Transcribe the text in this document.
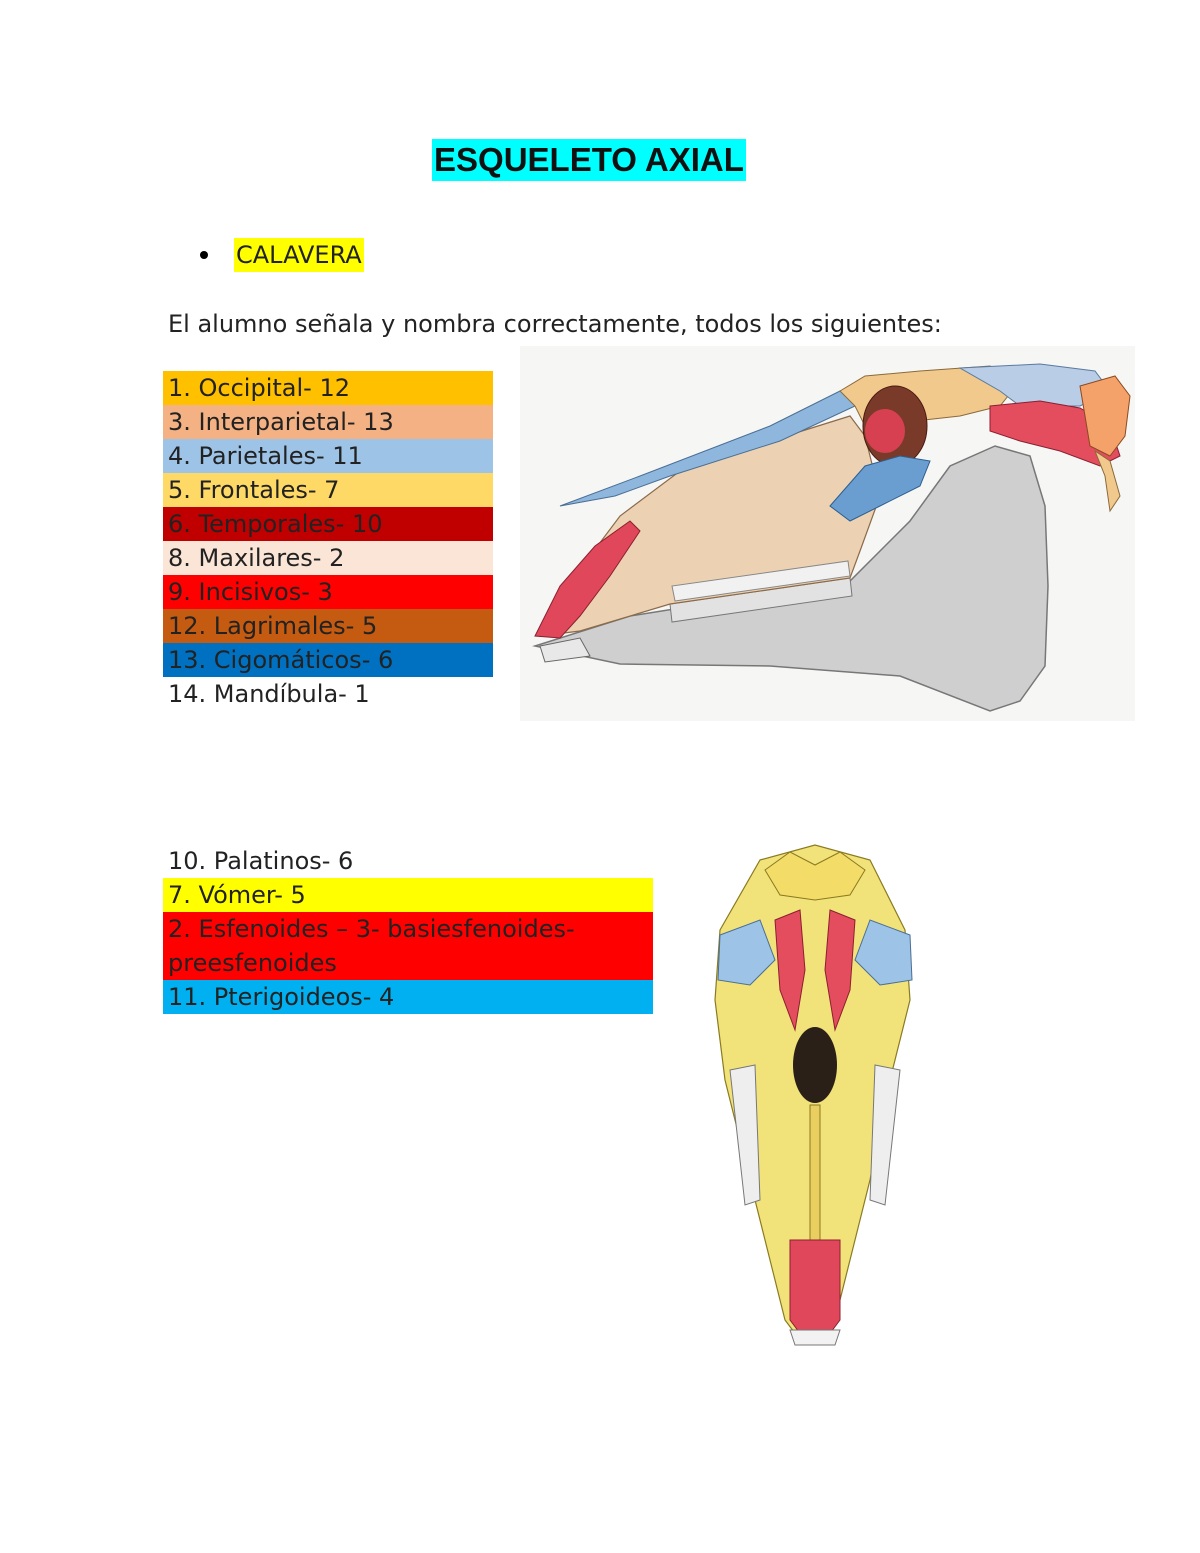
ESQUELETO AXIAL
CALAVERA
El alumno señala y nombra correctamente, todos los siguientes:
1. Occipital- 12
3. Interparietal- 13
4. Parietales- 11
5. Frontales- 7
6. Temporales- 10
8. Maxilares- 2
9. Incisivos- 3
12. Lagrimales- 5
13. Cigomáticos- 6
14. Mandíbula- 1
10. Palatinos- 6
7. Vómer- 5
2. Esfenoides – 3- basiesfenoides-preesfenoides
11. Pterigoideos- 4
